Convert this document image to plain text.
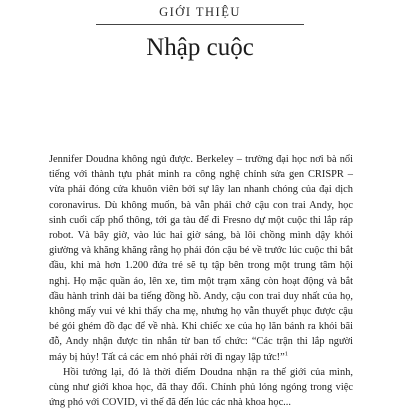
GIỚI THIỆU
Nhập cuộc

Jennifer Doudna không ngủ được. Berkeley – trường đại học nơi bà nổi tiếng với thành tựu phát minh ra công nghệ chỉnh sửa gen CRISPR – vừa phải đóng cửa khuôn viên bởi sự lây lan nhanh chóng của đại dịch coronavirus. Dù không muốn, bà vẫn phải chở cậu con trai Andy, học sinh cuối cấp phổ thông, tới ga tàu để đi Fresno dự một cuộc thi lắp ráp robot. Và bây giờ, vào lúc hai giờ sáng, bà lôi chồng mình dậy khỏi giường và khăng khăng rằng họ phải đón cậu bé về trước lúc cuộc thi bắt đầu, khi mà hơn 1.200 đứa trẻ sẽ tụ tập bên trong một trung tâm hội nghị. Họ mặc quần áo, lên xe, tìm một trạm xăng còn hoạt động và bắt đầu hành trình dài ba tiếng đồng hồ. Andy, cậu con trai duy nhất của họ, không mấy vui vẻ khi thấy cha mẹ, nhưng họ vẫn thuyết phục được cậu bé gói ghém đồ đạc để về nhà. Khi chiếc xe của họ lăn bánh ra khỏi bãi đỗ, Andy nhận được tin nhắn từ ban tổ chức: “Các trận thi lắp người máy bị hủy! Tất cả các em nhỏ phải rời đi ngay lập tức!”$^1$

Hồi tưởng lại, đó là thời điểm Doudna nhận ra thế giới của mình, cùng như giới khoa học, đã thay đổi. Chính phủ lóng ngóng trong việc ứng phó với COVID, vì thế đã đến lúc các nhà khoa học...
